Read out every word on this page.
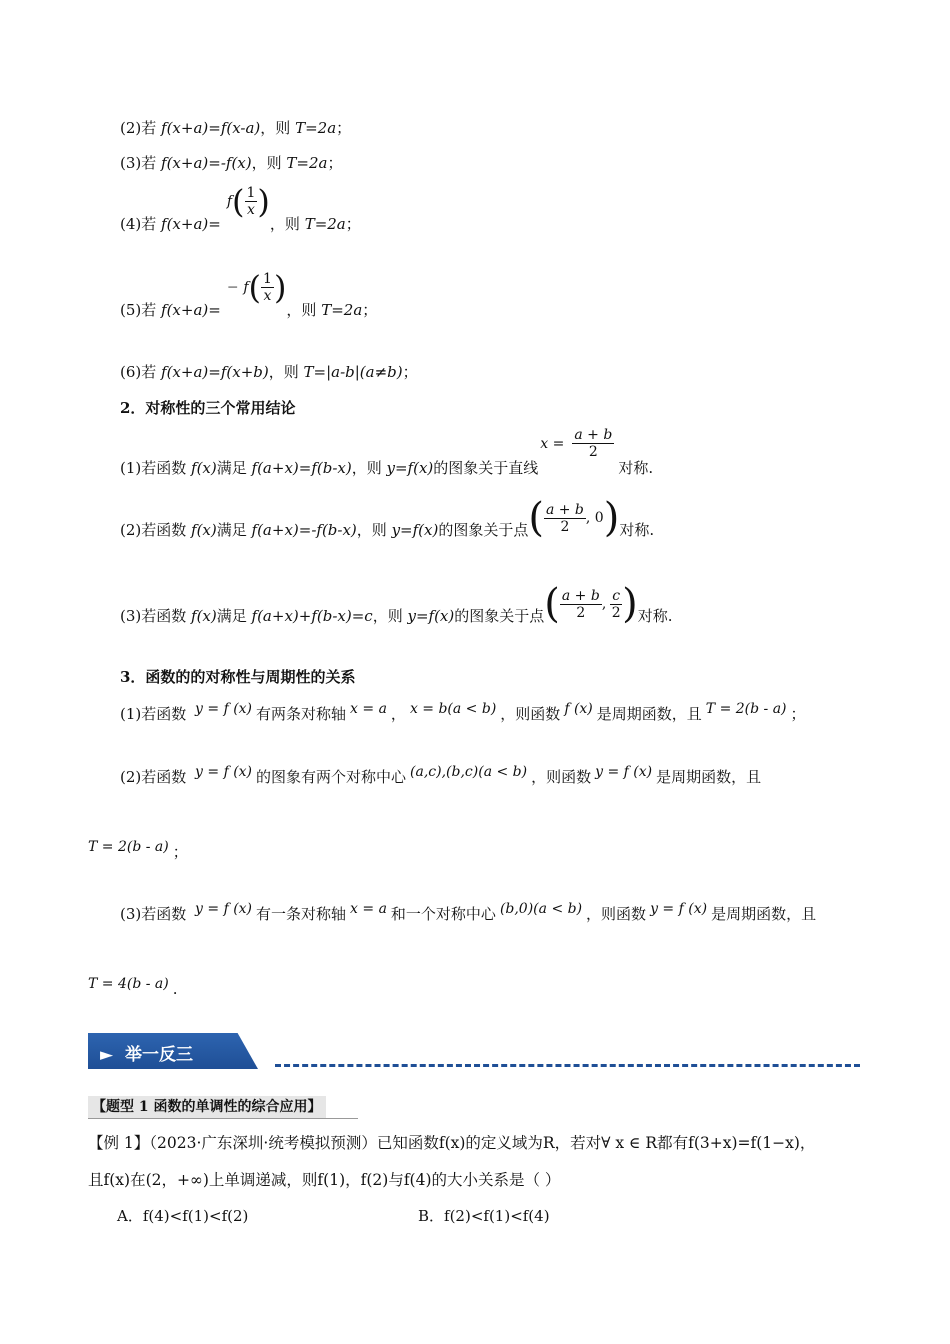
(2)若 f(x+a)=f(x-a)，则 T=2a；
(3)若 f(x+a)=-f(x)，则 T=2a；
(4)若 f(x+a)=
$f( \frac{1}{x}$ )
，则 T=2a；
(5)若 f(x+a)=
− $f( \frac{1}{x}$ )
，则 T=2a；
(6)若 f(x+a)=f(x+b)，则 T=|a-b|(a≠b)；
2．对称性的三个常用结论
(1)若函数 f(x)满足 f(a+x)=f(b-x)，则 y=f(x)的图象关于直线
$x = \frac{a + b}{2}$
对称.
(2)若函数 f(x)满足 f(a+x)=-f(b-x)，则 y=f(x)的图象关于点 ( $\frac{a + b}{2}$ , 0 ) 对称.
(3)若函数 f(x)满足 f(a+x)+f(b-x)=c，则 y=f(x)的图象关于点 ( $\frac{a + b}{2}$ , $\frac{c}{2}$ ) 对称.
3．函数的的对称性与周期性的关系
(1)若函数 y = f (x) 有两条对称轴 x = a ， x = b(a < b) ，则函数 f (x) 是周期函数，且 T = 2(b - a) ；
(2)若函数 y = f (x) 的图象有两个对称中心 (a,c),(b,c)(a < b) ，则函数 y = f (x) 是周期函数，且
T = 2(b - a) ；
(3)若函数 y = f (x) 有一条对称轴 x = a 和一个对称中心 (b,0)(a < b) ，则函数 y = f (x) 是周期函数，且
T = 4(b - a) .
► 举一反三
【题型 1 函数的单调性的综合应用】
【例 1】（2023·广东深圳·统考模拟预测）已知函数f(x)的定义域为R，若对∀ x ∈ R都有f(3+x)=f(1−x)，
且f(x)在(2，+∞)上单调递减，则f(1)，f(2)与f(4)的大小关系是（ ）
A．f(4)<f(1)<f(2)	B．f(2)<f(1)<f(4)
